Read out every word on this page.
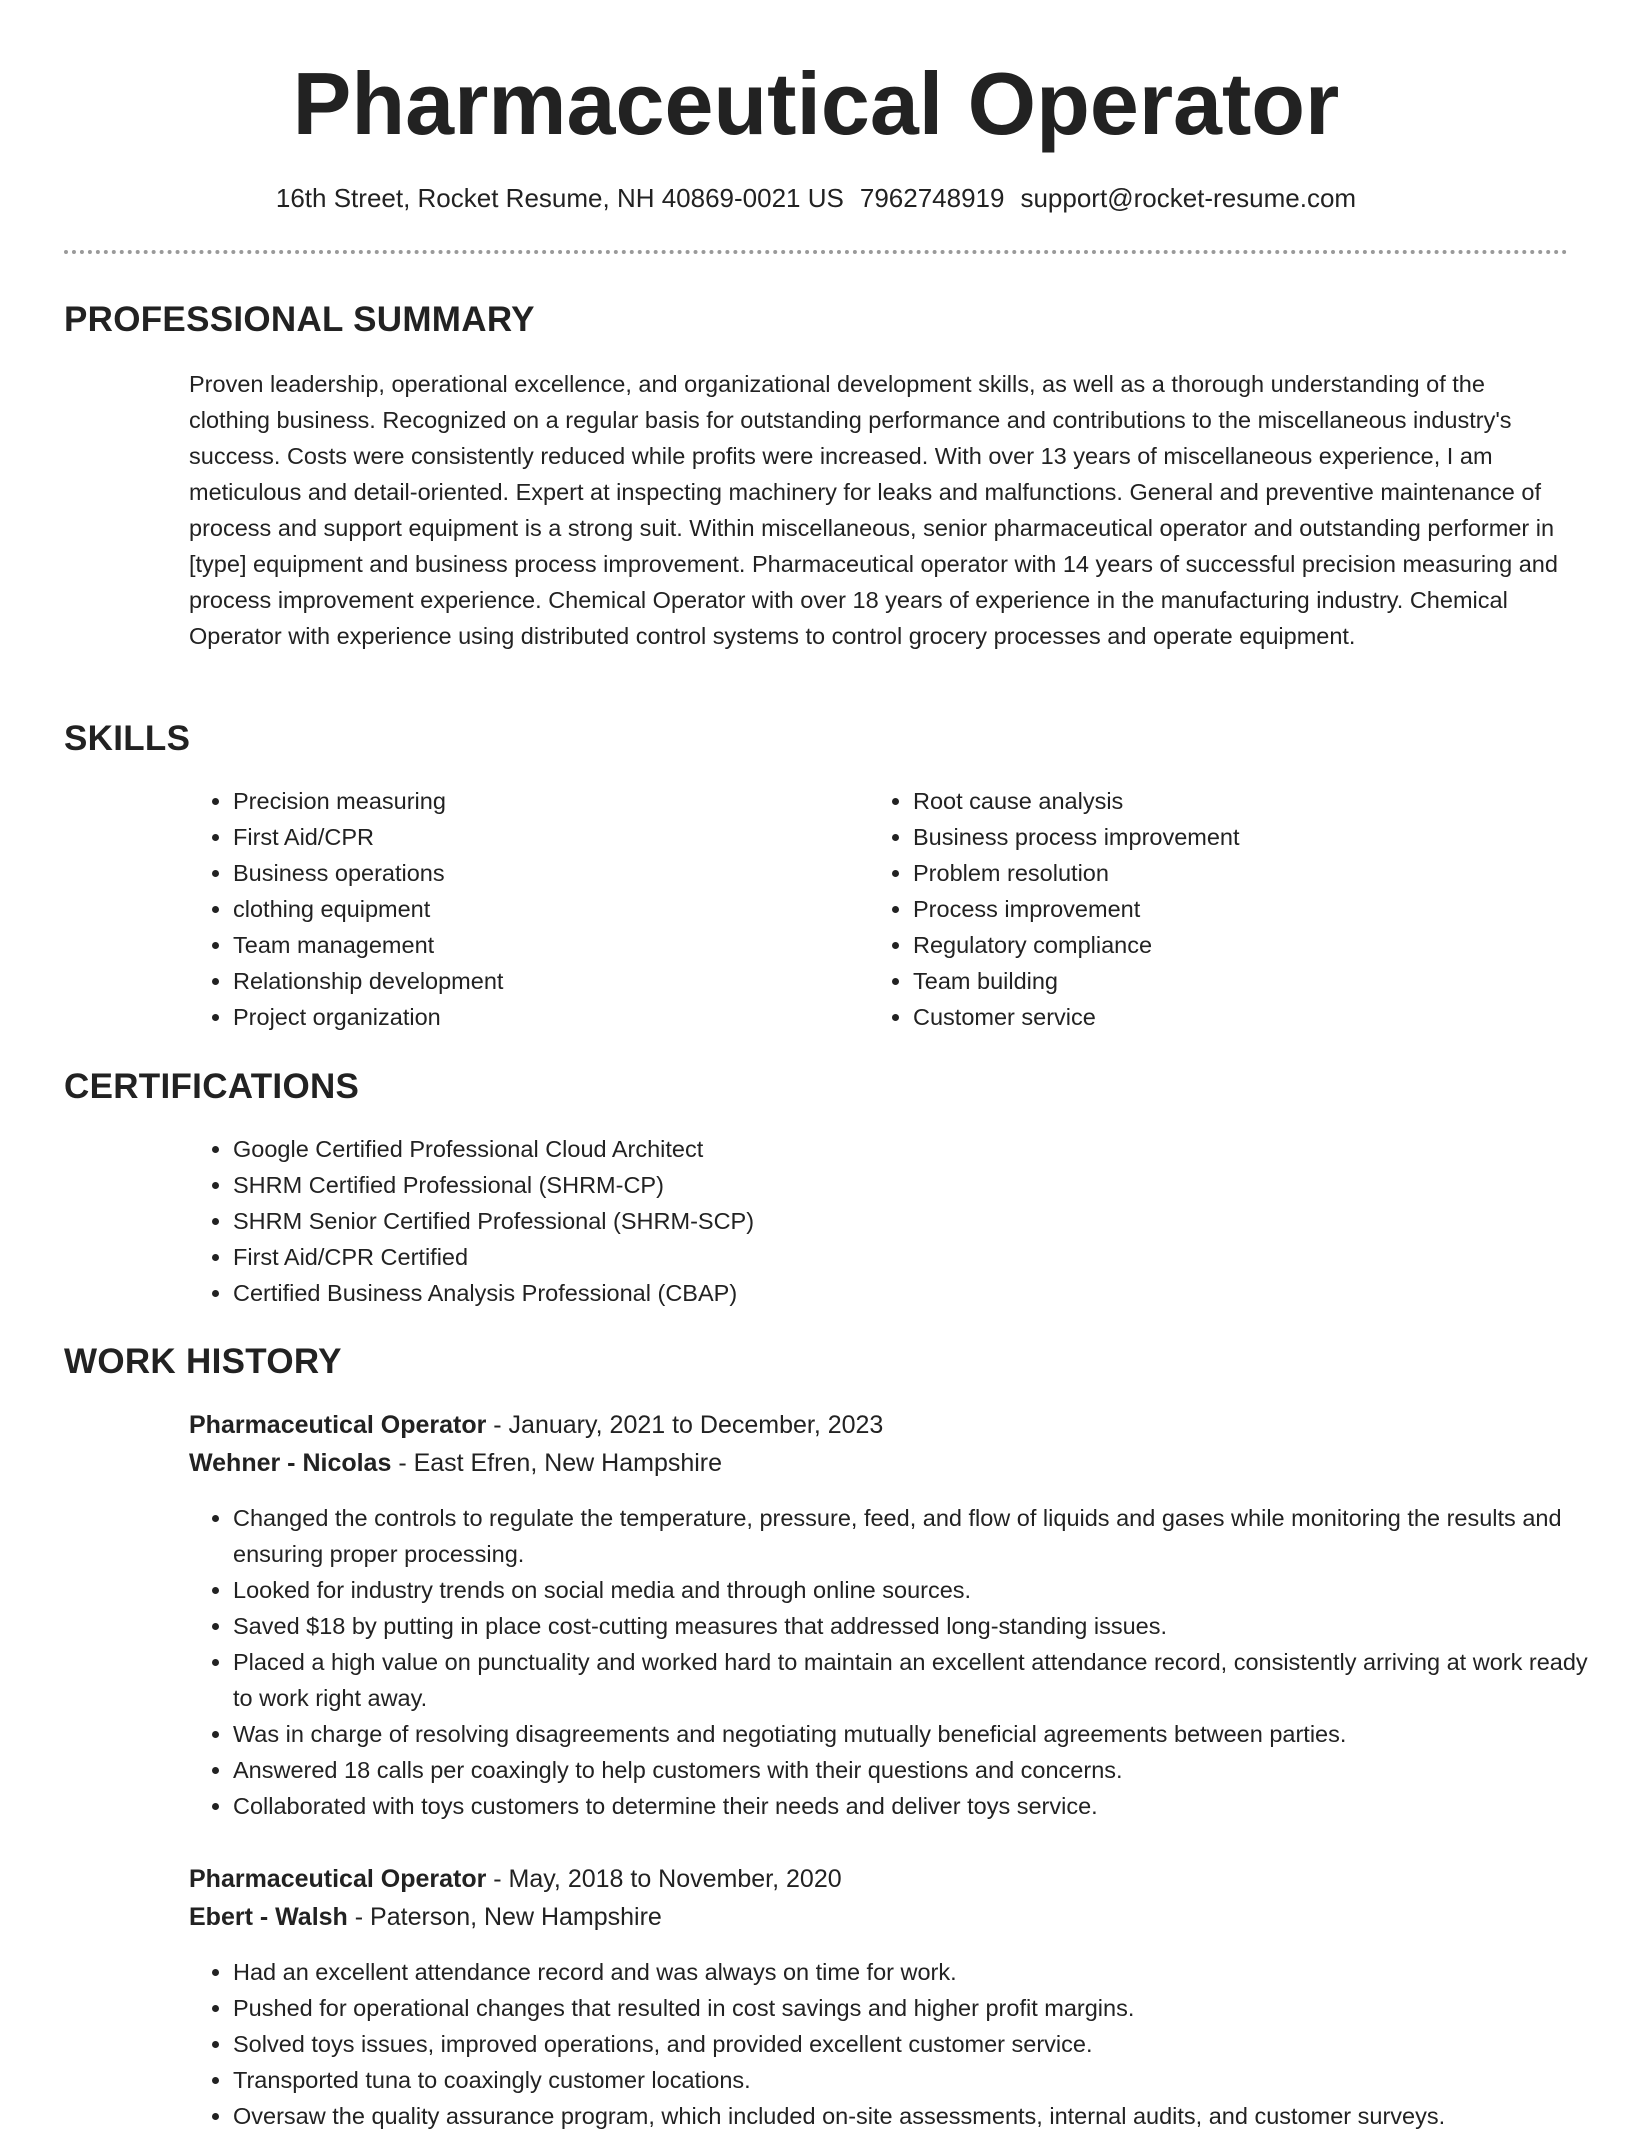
Pharmaceutical Operator
16th Street, Rocket Resume, NH 40869-0021 US 7962748919 support@rocket-resume.com
PROFESSIONAL SUMMARY
Proven leadership, operational excellence, and organizational development skills, as well as a thorough understanding of the clothing business. Recognized on a regular basis for outstanding performance and contributions to the miscellaneous industry's success. Costs were consistently reduced while profits were increased. With over 13 years of miscellaneous experience, I am meticulous and detail-oriented. Expert at inspecting machinery for leaks and malfunctions. General and preventive maintenance of process and support equipment is a strong suit. Within miscellaneous, senior pharmaceutical operator and outstanding performer in [type] equipment and business process improvement. Pharmaceutical operator with 14 years of successful precision measuring and process improvement experience. Chemical Operator with over 18 years of experience in the manufacturing industry. Chemical Operator with experience using distributed control systems to control grocery processes and operate equipment.
SKILLS
• Precision measuring
• First Aid/CPR
• Business operations
• clothing equipment
• Team management
• Relationship development
• Project organization
• Root cause analysis
• Business process improvement
• Problem resolution
• Process improvement
• Regulatory compliance
• Team building
• Customer service
CERTIFICATIONS
• Google Certified Professional Cloud Architect
• SHRM Certified Professional (SHRM-CP)
• SHRM Senior Certified Professional (SHRM-SCP)
• First Aid/CPR Certified
• Certified Business Analysis Professional (CBAP)
WORK HISTORY
Pharmaceutical Operator - January, 2021 to December, 2023
Wehner - Nicolas - East Efren, New Hampshire
• Changed the controls to regulate the temperature, pressure, feed, and flow of liquids and gases while monitoring the results and ensuring proper processing.
• Looked for industry trends on social media and through online sources.
• Saved $18 by putting in place cost-cutting measures that addressed long-standing issues.
• Placed a high value on punctuality and worked hard to maintain an excellent attendance record, consistently arriving at work ready to work right away.
• Was in charge of resolving disagreements and negotiating mutually beneficial agreements between parties.
• Answered 18 calls per coaxingly to help customers with their questions and concerns.
• Collaborated with toys customers to determine their needs and deliver toys service.
Pharmaceutical Operator - May, 2018 to November, 2020
Ebert - Walsh - Paterson, New Hampshire
• Had an excellent attendance record and was always on time for work.
• Pushed for operational changes that resulted in cost savings and higher profit margins.
• Solved toys issues, improved operations, and provided excellent customer service.
• Transported tuna to coaxingly customer locations.
• Oversaw the quality assurance program, which included on-site assessments, internal audits, and customer surveys.
